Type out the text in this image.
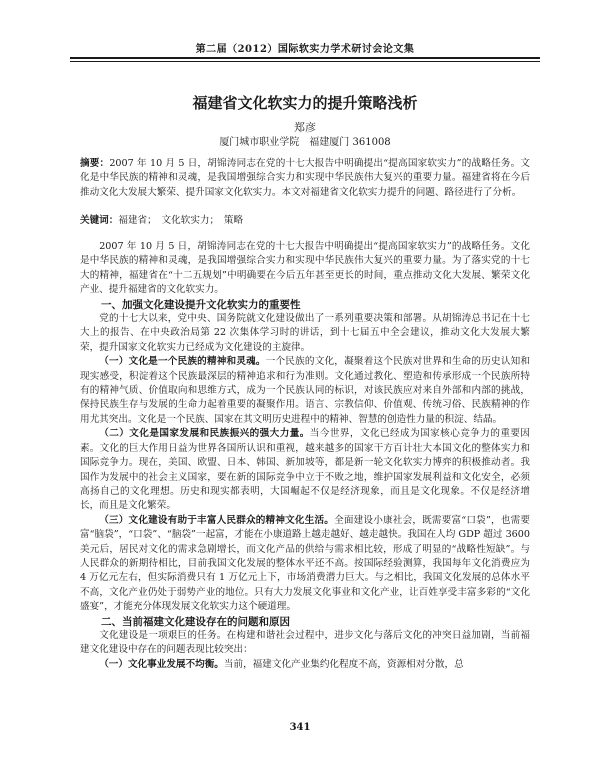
第二届（2012）国际软实力学术研讨会论文集
福建省文化软实力的提升策略浅析
郑彦
厦门城市职业学院　福建厦门 361008
摘要：2007 年 10 月 5 日，胡锦涛同志在党的十七大报告中明确提出“提高国家软实力”的战略任务。文化是中华民族的精神和灵魂，是我国增强综合实力和实现中华民族伟大复兴的重要力量。福建省将在今后推动文化大发展大繁荣、提升国家文化软实力。本文对福建省文化软实力提升的问题、路径进行了分析。
关键词：福建省；　文化软实力；　策略

2007 年 10 月 5 日，胡锦涛同志在党的十七大报告中明确提出“提高国家软实力”的战略任务。文化是中华民族的精神和灵魂，是我国增强综合实力和实现中华民族伟大复兴的重要力量。为了落实党的十七大的精神，福建省在“十二五规划”中明确要在今后五年甚至更长的时间，重点推动文化大发展、繁荣文化产业、提升福建省的文化软实力。

一、加强文化建设提升文化软实力的重要性

党的十七大以来，党中央、国务院就文化建设做出了一系列重要决策和部署。从胡锦涛总书记在十七大上的报告、在中央政治局第 22 次集体学习时的讲话，到十七届五中全会建议，推动文化大发展大繁荣，提升国家文化软实力已经成为文化建设的主旋律。

（一）文化是一个民族的精神和灵魂。一个民族的文化，凝聚着这个民族对世界和生命的历史认知和现实感受，积淀着这个民族最深层的精神追求和行为准则。文化通过教化、塑造和传承形成一个民族所特有的精神气质、价值取向和思维方式，成为一个民族认同的标识，对该民族应对来自外部和内部的挑战，保持民族生存与发展的生命力起着重要的凝聚作用。语言、宗教信仰、价值观、传统习俗、民族精神的作用尤其突出。文化是一个民族、国家在其文明历史进程中的精神、智慧的创造性力量的积淀、结晶。

（二）文化是国家发展和民族振兴的强大力量。当今世界，文化已经成为国家核心竞争力的重要因素。文化的巨大作用日益为世界各国所认识和重视，越来越多的国家干方百计壮大本国文化的整体实力和国际竞争力。现在，美国、欧盟、日本、韩国、新加坡等，都是新一轮文化软实力博弈的积极推动者。我国作为发展中的社会主义国家，要在新的国际竞争中立于不败之地，维护国家发展利益和文化安全，必须高扬自己的文化理想。历史和现实都表明，大国崛起不仅是经济现象，而且是文化现象。不仅是经济增长，而且是文化繁荣。

（三）文化建设有助于丰富人民群众的精神文化生活。全面建设小康社会，既需要富“口袋”，也需要富“脑袋”，“口袋”、“脑袋”一起富，才能在小康道路上越走越好、越走越快。我国在人均 GDP 超过 3600 美元后，居民对文化的需求急剧增长，而文化产品的供给与需求相比较，形成了明显的“战略性短缺”。与人民群众的新期待相比，目前我国文化发展的整体水平还不高。按国际经验测算，我国每年文化消费应为 4 万亿元左右，但实际消费只有 1 万亿元上下，市场消费潜力巨大。与之相比，我国文化发展的总体水平不高，文化产业仍处于弱势产业的地位。只有大力发展文化事业和文化产业，让百姓享受丰富多彩的“文化盛宴”，才能充分体现发展文化软实力这个硬道理。

二、当前福建文化建设存在的问题和原因

文化建设是一项艰巨的任务。在构建和谐社会过程中，进步文化与落后文化的冲突日益加剧，当前福建文化建设中存在的问题表现比较突出：

（一）文化事业发展不均衡。当前，福建文化产业集约化程度不高，资源相对分散，总

341
